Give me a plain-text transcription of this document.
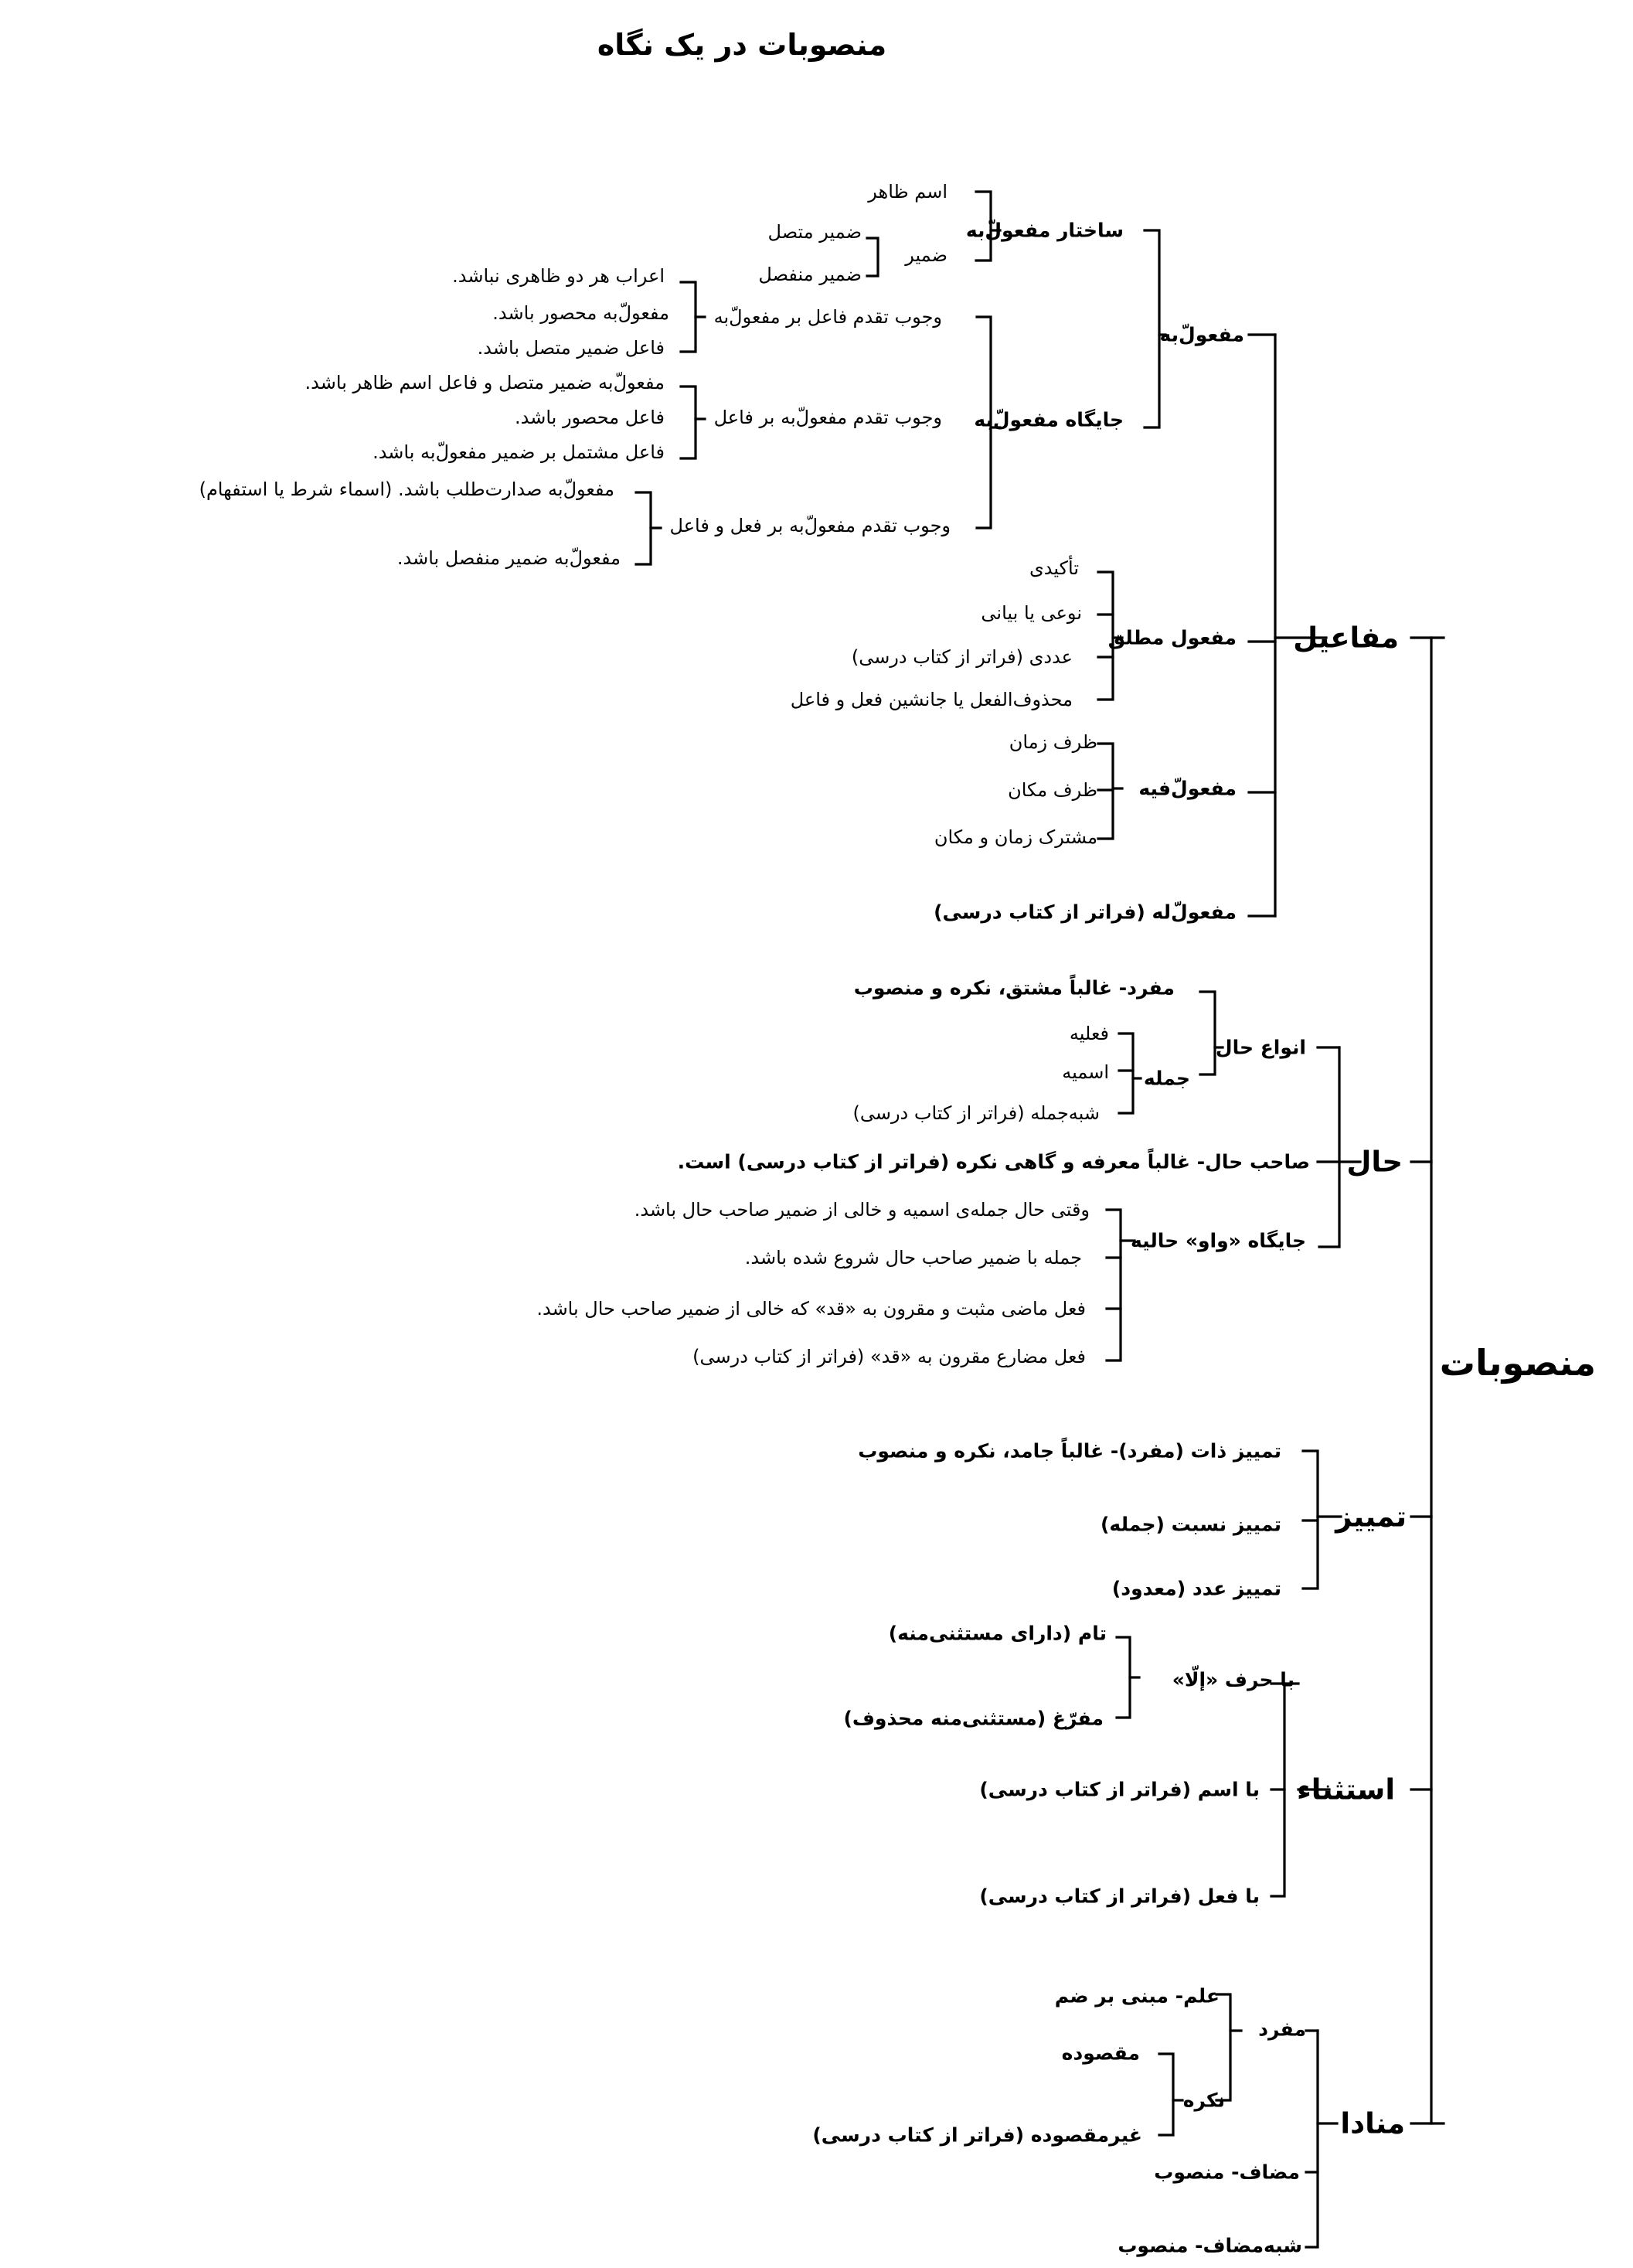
منصوبات در یک نگاه
منصوبات
مفاعیل
مفعولّ‌به
ساختار مفعولّ‌به
اسم ظاهر
ضمیر
ضمیر متصل
ضمیر منفصل
جایگاه مفعولّ‌به
وجوب تقدم فاعل بر مفعولّ‌به
اعراب هر دو ظاهری نباشد.
مفعولّ‌به محصور باشد.
فاعل ضمیر متصل باشد.
وجوب تقدم مفعولّ‌به بر فاعل
مفعولّ‌به ضمیر متصل و فاعل اسم ظاهر باشد.
فاعل محصور باشد.
فاعل مشتمل بر ضمیر مفعولّ‌به باشد.
وجوب تقدم مفعولّ‌به بر فعل و فاعل
مفعولّ‌به صدارت‌طلب باشد. (اسماء شرط یا استفهام)
مفعولّ‌به ضمیر منفصل باشد.
مفعول مطلق
تأکیدی
نوعی یا بیانی
عددی (فراتر از کتاب درسی)
محذوف‌الفعل یا جانشین فعل و فاعل
مفعولّ‌فیه
ظرف زمان
ظرف مکان
مشترک زمان و مکان
مفعولّ‌له (فراتر از کتاب درسی)
حال
انواع حال
مفرد- غالباً مشتق، نکره و منصوب
جمله
فعلیه
اسمیه
شبه‌جمله (فراتر از کتاب درسی)
صاحب حال- غالباً معرفه و گاهی نکره (فراتر از کتاب درسی) است.
جایگاه «واو» حالیه
وقتی حال جمله‌ی اسمیه و خالی از ضمیر صاحب حال باشد.
جمله با ضمیر صاحب حال شروع شده باشد.
فعل ماضی مثبت و مقرون به «قد» که خالی از ضمیر صاحب حال باشد.
فعل مضارع مقرون به «قد» (فراتر از کتاب درسی)
تمییز
تمییز ذات (مفرد)- غالباً جامد، نکره و منصوب
تمییز نسبت (جمله)
تمییز عدد (معدود)
استثناء
با حرف «إلّا»
تام (دارای مستثنی‌منه)
مفرّغ (مستثنی‌منه محذوف)
با اسم (فراتر از کتاب درسی)
با فعل (فراتر از کتاب درسی)
منادا
مفرد
علم- مبنی بر ضم
نکره
مقصوده
غیرمقصوده (فراتر از کتاب درسی)
مضاف- منصوب
شبه‌مضاف- منصوب
